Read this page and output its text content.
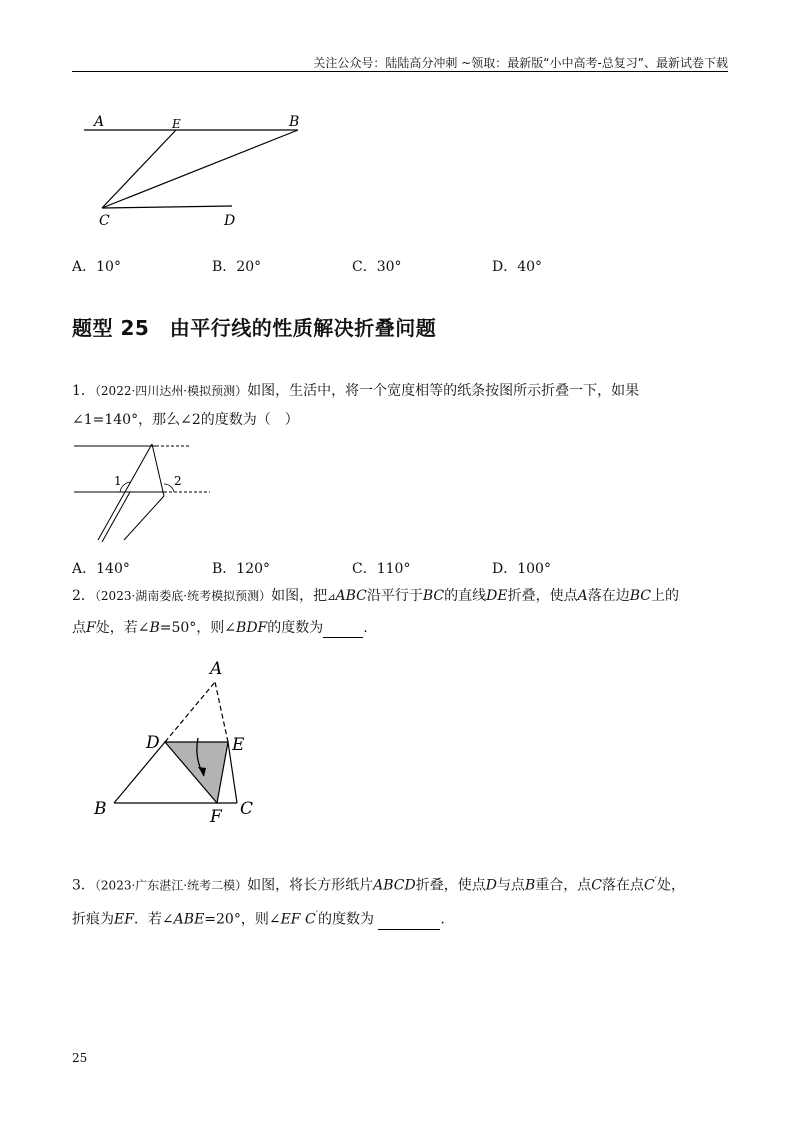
关注公众号：陆陆高分冲刺 ~领取：最新版“小中高考-总复习”、最新试卷下载
A	E	B
C	D
A．10°	B．20°	C．30°	D．40°
题型 25　由平行线的性质解决折叠问题
1．（2022·四川达州·模拟预测）如图，生活中，将一个宽度相等的纸条按图所示折叠一下，如果
∠1=140°，那么∠2的度数为（　）
1	2
A．140°	B．120°	C．110°	D．100°
2．（2023·湖南娄底·统考模拟预测）如图，把⊿ABC沿平行于BC的直线DE折叠，使点A落在边BC上的
点F处，若∠B=50°，则∠BDF的度数为	.
A
D	E
B	F C
3．（2023·广东湛江·统考二模）如图，将长方形纸片ABCD折叠，使点D与点B重合，点C落在点C′处，
折痕为EF．若∠ABE=20°，则∠EF C′的度数为	.
25
